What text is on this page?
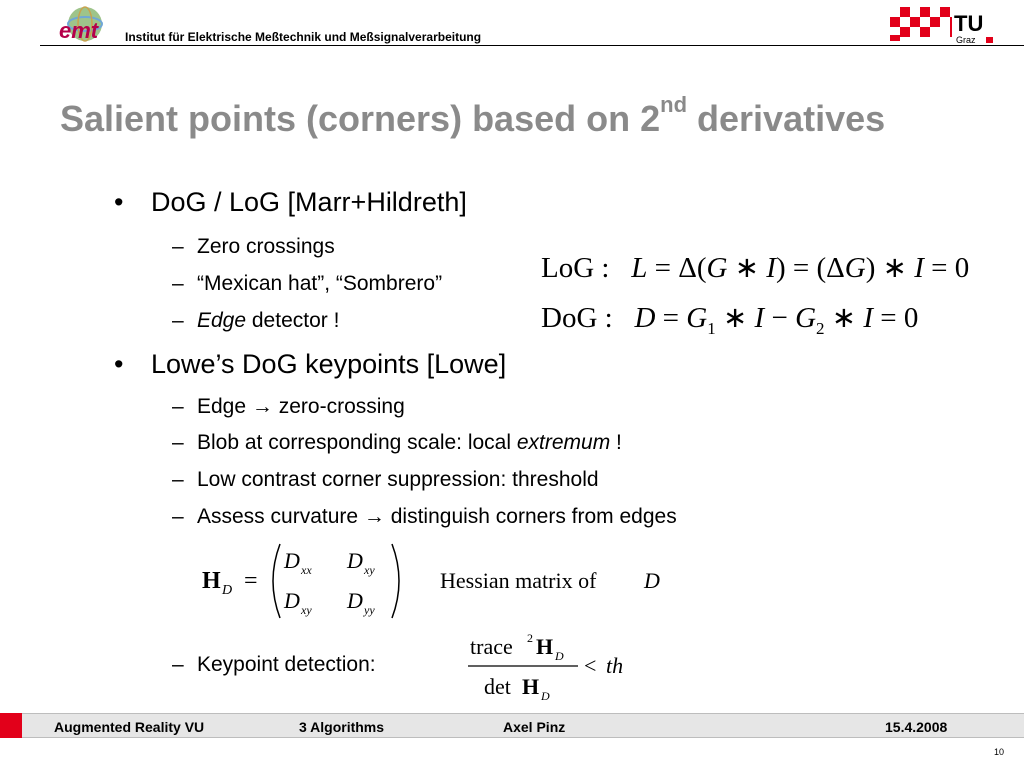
emt Institut für Elektrische Meßtechnik und Meßsignalverarbeitung
TU
Graz
Salient points (corners) based on 2nd derivatives
• DoG / LoG [Marr+Hildreth]
– Zero crossings
– “Mexican hat”, “Sombrero”
– Edge detector !
LoG : L = Δ(G ∗ I) = (ΔG) ∗ I = 0
DoG : $D = G_1$ ∗ $I - G_2$ ∗ I = 0
• Lowe’s DoG keypoints [Lowe]
– Edge → zero-crossing
– Blob at corresponding scale: local extremum !
– Low contrast corner suppression: threshold
– Assess curvature → distinguish corners from edges
H D =
D xx D xy
D xy D yy
Hessian matrix of D
– Keypoint detection:
trace 2 H D
det H D
< th
Augmented Reality VU	3 Algorithms	Axel Pinz	15.4.2008
10
